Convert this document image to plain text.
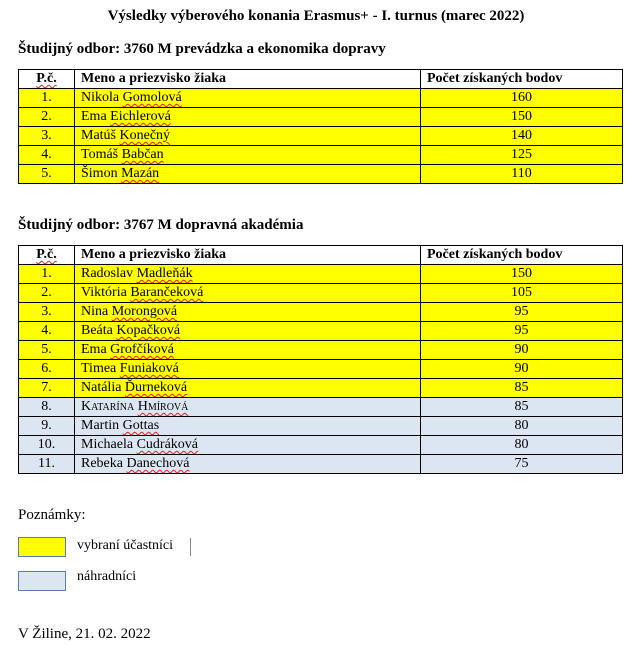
Výsledky výberového konania Erasmus+ - I. turnus (marec 2022)
Študijný odbor: 3760 M prevádzka a ekonomika dopravy
P.č.	Meno a priezvisko žiaka	Počet získaných bodov
1.	Nikola Gomolová	160
2.	Ema Eichlerová	150
3.	Matúš Konečný	140
4.	Tomáš Babčan	125
5.	Šimon Mazán	110
Študijný odbor: 3767 M dopravná akadémia
P.č.	Meno a priezvisko žiaka	Počet získaných bodov
1.	Radoslav Madleňák	150
2.	Viktória Barančeková	105
3.	Nina Morongová	95
4.	Beáta Kopačková	95
5.	Ema Grofčíková	90
6.	Timea Funiaková	90
7.	Natália Ďurneková	85
8.	Katarína Hmírová	85
9.	Martin Gottas	80
10.	Michaela Cudráková	80
11.	Rebeka Danechová	75
Poznámky:
vybraní účastníci
náhradníci
V Žiline, 21. 02. 2022
